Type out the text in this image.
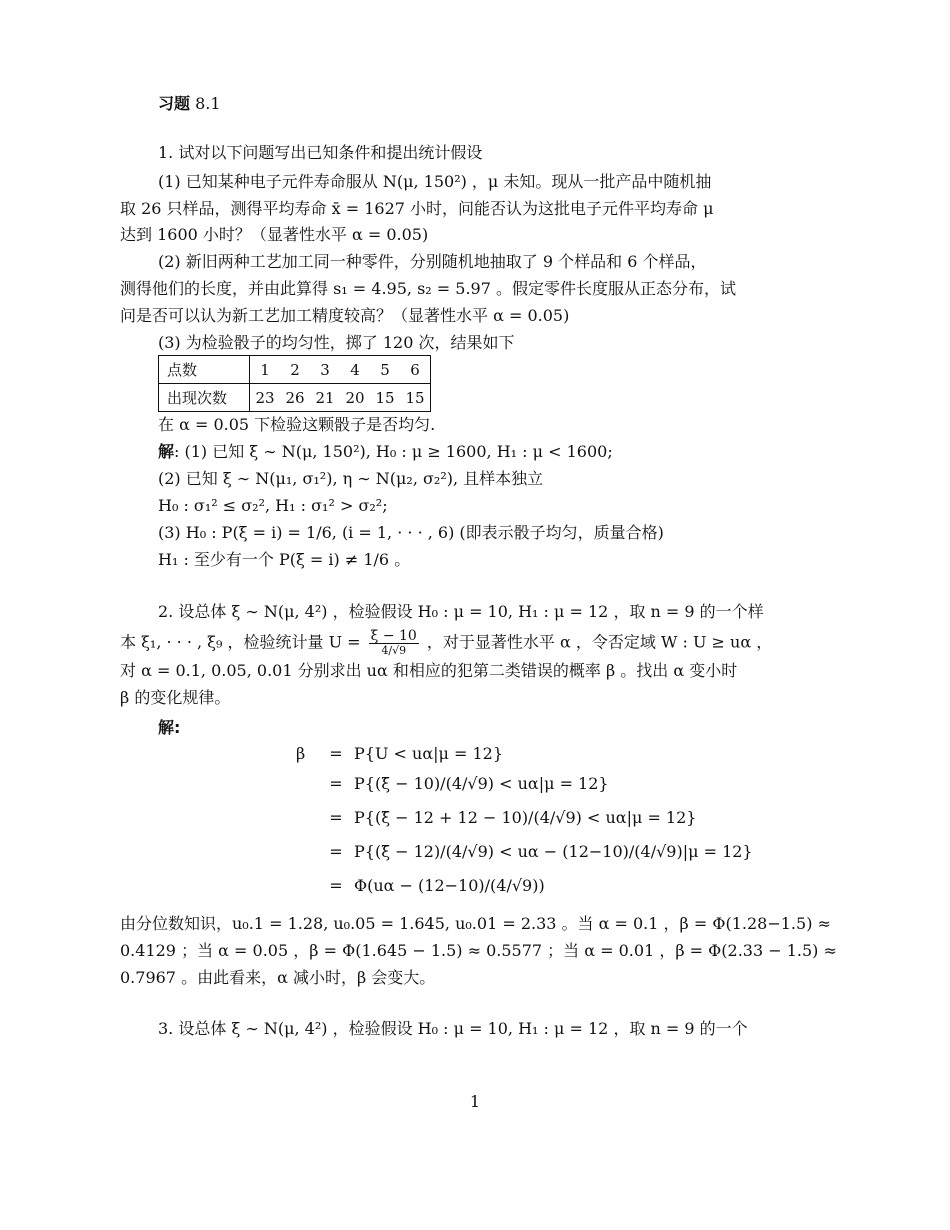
习题 8.1
1. 试对以下问题写出已知条件和提出统计假设
(1) 已知某种电子元件寿命服从 N(μ, 150²) ，μ 未知。现从一批产品中随机抽
取 26 只样品，测得平均寿命 x̄ = 1627 小时，问能否认为这批电子元件平均寿命 μ
达到 1600 小时？（显著性水平 α = 0.05)
(2) 新旧两种工艺加工同一种零件，分别随机地抽取了 9 个样品和 6 个样品，
测得他们的长度，并由此算得 s₁ = 4.95, s₂ = 5.97 。假定零件长度服从正态分布，试
问是否可以认为新工艺加工精度较高？（显著性水平 α = 0.05)
(3) 为检验骰子的均匀性，掷了 120 次，结果如下
点数	1	2	3	4	5	6
出现次数	23	26	21	20	15	15
在 α = 0.05 下检验这颗骰子是否均匀.
解: (1) 已知 ξ ∼ N(μ, 150²), H₀ : μ ≥ 1600, H₁ : μ < 1600;
(2) 已知 ξ ∼ N(μ₁, σ₁²), η ∼ N(μ₂, σ₂²), 且样本独立
H₀ : σ₁² ≤ σ₂², H₁ : σ₁² > σ₂²;
(3) H₀ : P(ξ = i) = 1/6, (i = 1, · · · , 6) (即表示骰子均匀，质量合格)
H₁ : 至少有一个 P(ξ = i) ≠ 1/6 。
2. 设总体 ξ ∼ N(μ, 4²) ，检验假设 H₀ : μ = 10, H₁ : μ = 12 ，取 n = 9 的一个样
本 ξ₁, · · · , ξ₉ ，检验统计量 U = ξ̄ − 10
4/√9	，对于显著性水平 α ，令否定域 W : U ≥ uα ，
对 α = 0.1, 0.05, 0.01 分别求出 uα 和相应的犯第二类错误的概率 β 。找出 α 变小时
β 的变化规律。
解:
β = P{U < uα|μ = 12}
= P{(ξ̄ − 10)/(4/√9) < uα|μ = 12}
= P{(ξ̄ − 12 + 12 − 10)/(4/√9) < uα|μ = 12}
= P{(ξ̄ − 12)/(4/√9) < uα − (12−10)/(4/√9)|μ = 12}
= Φ(uα − (12−10)/(4/√9))
由分位数知识，u₀.1 = 1.28, u₀.05 = 1.645, u₀.01 = 2.33 。当 α = 0.1 ，β = Φ(1.28−1.5) ≈
0.4129 ；当 α = 0.05 ，β = Φ(1.645 − 1.5) ≈ 0.5577 ；当 α = 0.01 ，β = Φ(2.33 − 1.5) ≈
0.7967 。由此看来，α 减小时，β 会变大。
3. 设总体 ξ ∼ N(μ, 4²) ，检验假设 H₀ : μ = 10, H₁ : μ = 12 ，取 n = 9 的一个
1
